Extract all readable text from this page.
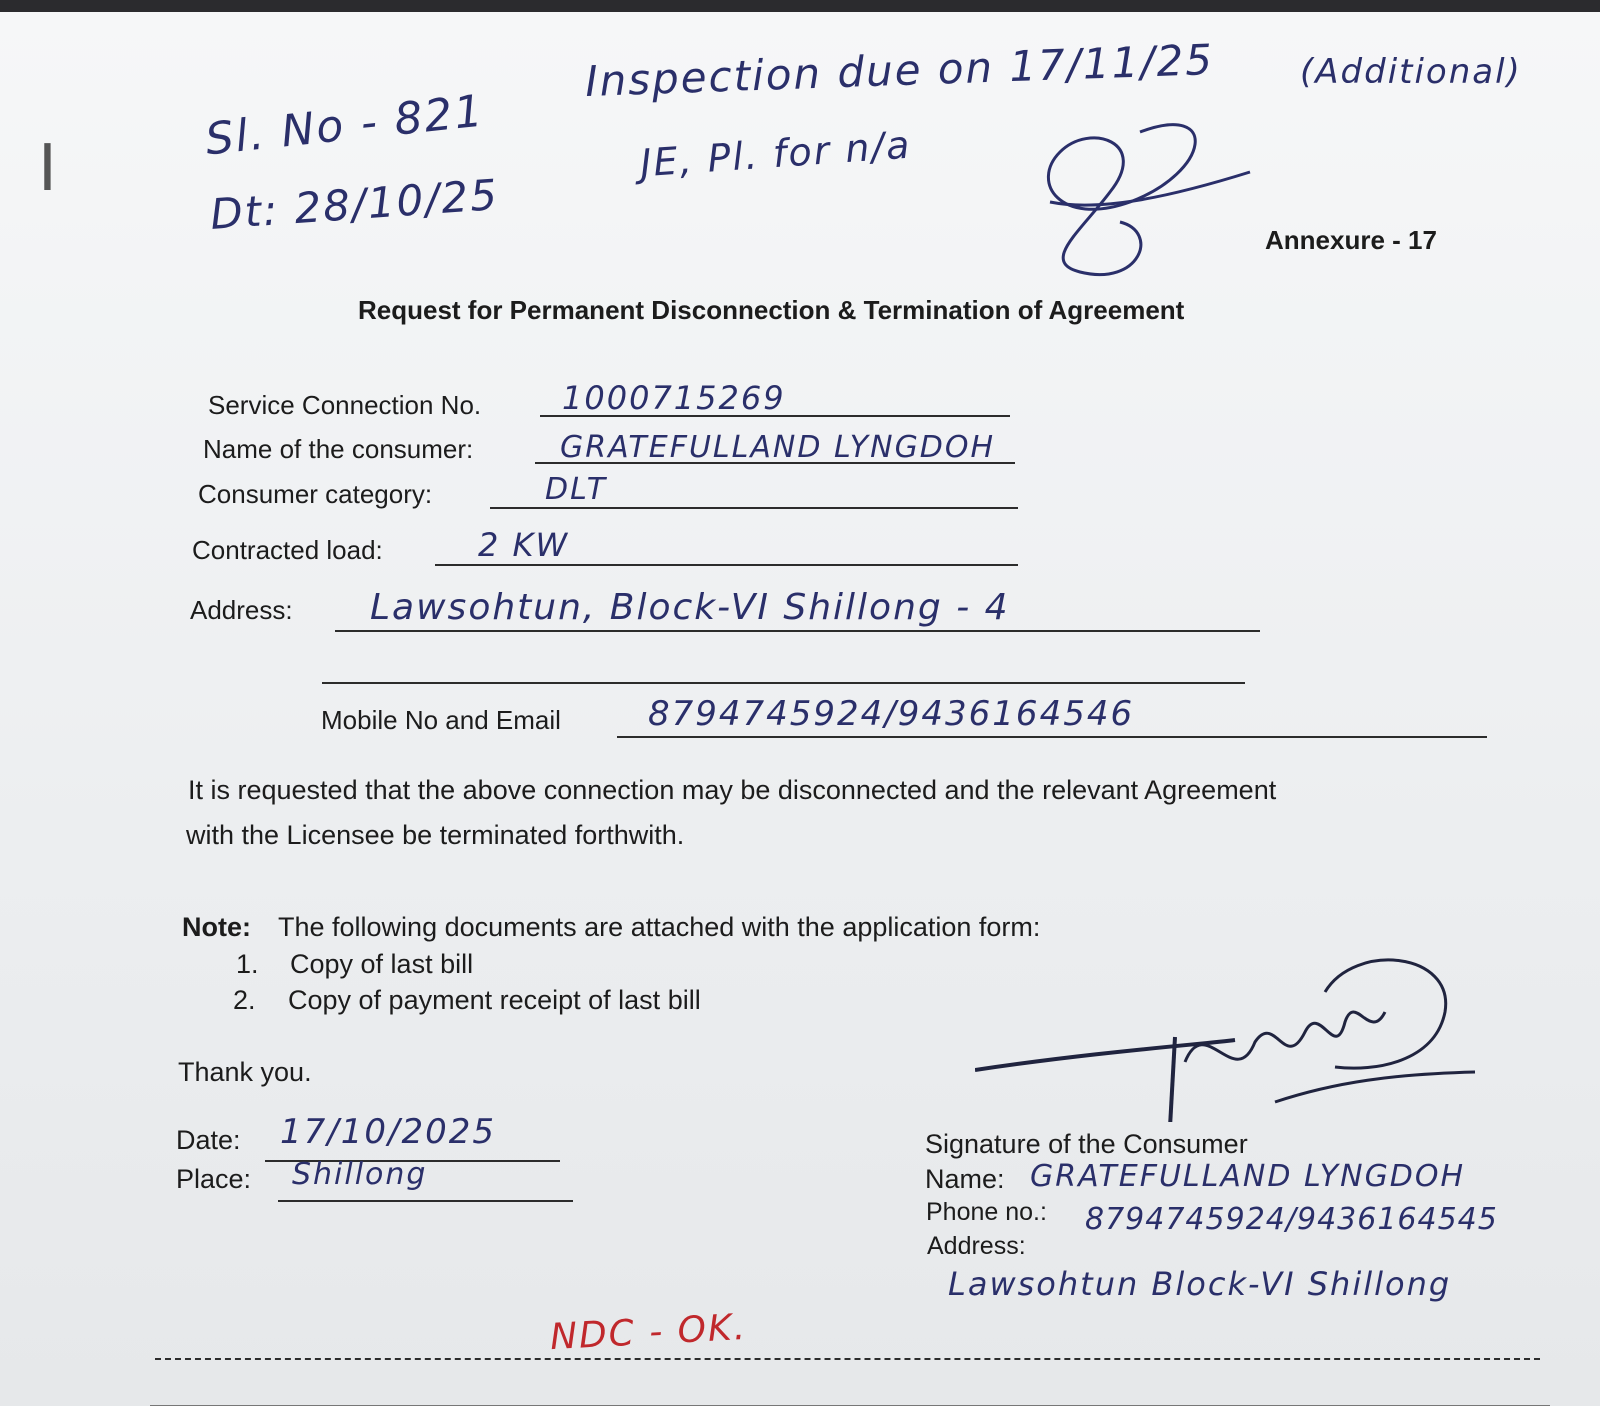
I
Inspection due on 17/11/25	(Additional)
Sl. No - 821
Dt: 28/10/25
JE, Pl. for n/a
Annexure - 17
Request for Permanent Disconnection & Termination of Agreement
Service Connection No.	1000715269
Name of the consumer:	GRATEFULLAND LYNGDOH
Consumer category:	DLT
Contracted load:	2 KW
Address: Lawsohtun, Block-VI Shillong - 4
Mobile No and Email	8794745924/9436164546
It is requested that the above connection may be disconnected and the relevant Agreement
with the Licensee be terminated forthwith.
Note: The following documents are attached with the application form:
1. Copy of last bill
2. Copy of payment receipt of last bill
Thank you.
Date: 17/10/2025
Place: Shillong
Signature of the Consumer
Name: GRATEFULLAND LYNGDOH
Phone no.: 8794745924/9436164545
Address:
Lawsohtun Block-VI Shillong
NDC - OK.
